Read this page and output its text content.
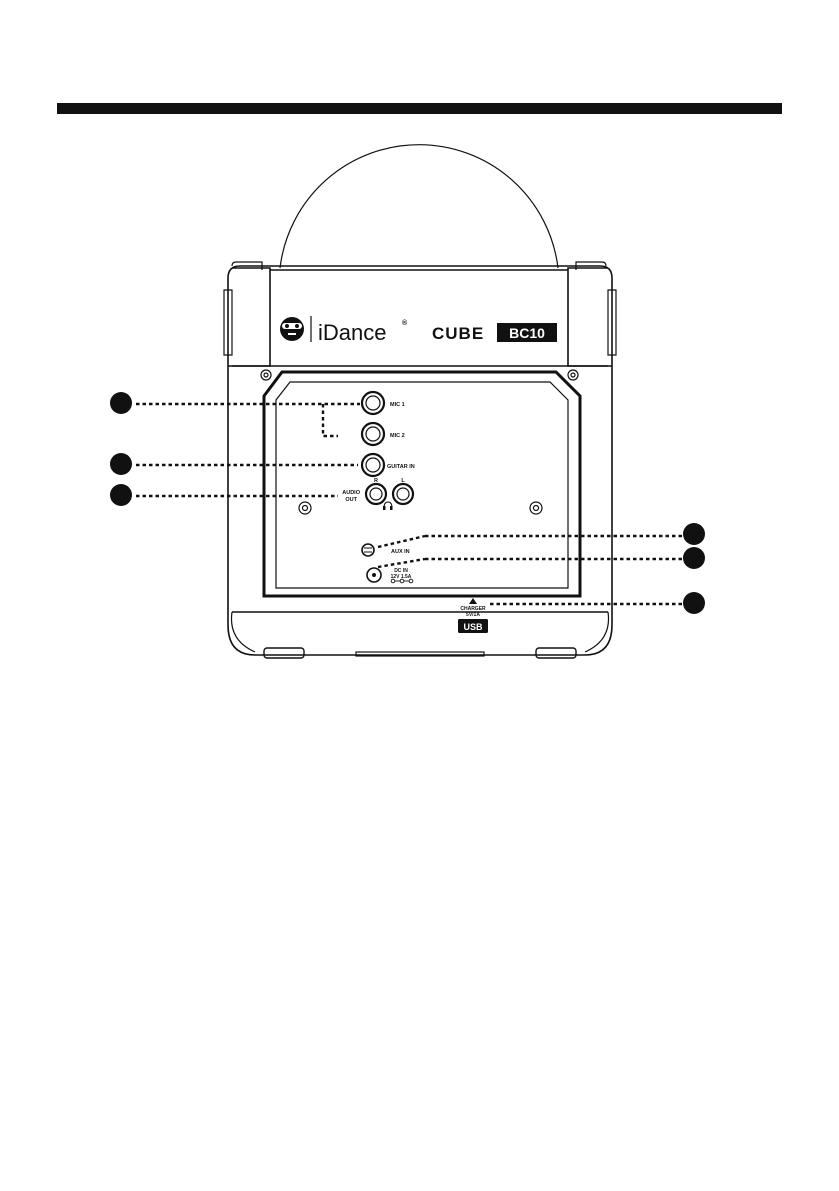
iDance ®
CUBE BC10
USB
MIC 1
MIC 2
GUITAR IN
AUDIO
OUT
R	L
AUX IN
DC IN
12V 1.5A
CHARGER
5V/1A
